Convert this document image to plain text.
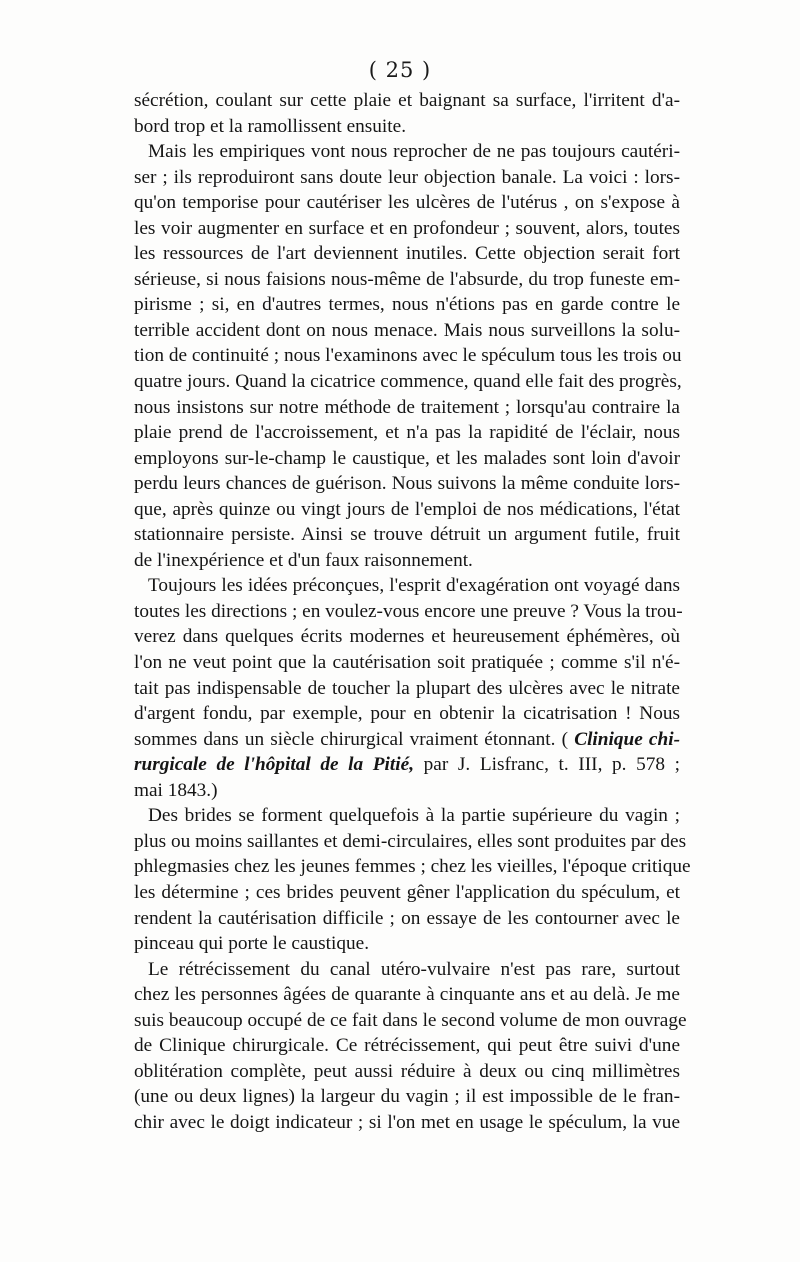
( 25 )
sécrétion, coulant sur cette plaie et baignant sa surface, l'irritent d'a-
bord trop et la ramollissent ensuite.
Mais les empiriques vont nous reprocher de ne pas toujours cautéri-
ser ; ils reproduiront sans doute leur objection banale. La voici : lors-
qu'on temporise pour cautériser les ulcères de l'utérus , on s'expose à
les voir augmenter en surface et en profondeur ; souvent, alors, toutes
les ressources de l'art deviennent inutiles. Cette objection serait fort
sérieuse, si nous faisions nous-même de l'absurde, du trop funeste em-
pirisme ; si, en d'autres termes, nous n'étions pas en garde contre le
terrible accident dont on nous menace. Mais nous surveillons la solu-
tion de continuité ; nous l'examinons avec le spéculum tous les trois ou
quatre jours. Quand la cicatrice commence, quand elle fait des progrès,
nous insistons sur notre méthode de traitement ; lorsqu'au contraire la
plaie prend de l'accroissement, et n'a pas la rapidité de l'éclair, nous
employons sur-le-champ le caustique, et les malades sont loin d'avoir
perdu leurs chances de guérison. Nous suivons la même conduite lors-
que, après quinze ou vingt jours de l'emploi de nos médications, l'état
stationnaire persiste. Ainsi se trouve détruit un argument futile, fruit
de l'inexpérience et d'un faux raisonnement.
Toujours les idées préconçues, l'esprit d'exagération ont voyagé dans
toutes les directions ; en voulez-vous encore une preuve ? Vous la trou-
verez dans quelques écrits modernes et heureusement éphémères, où
l'on ne veut point que la cautérisation soit pratiquée ; comme s'il n'é-
tait pas indispensable de toucher la plupart des ulcères avec le nitrate
d'argent fondu, par exemple, pour en obtenir la cicatrisation ! Nous
sommes dans un siècle chirurgical vraiment étonnant. ( Clinique chi-
rurgicale de l'hôpital de la Pitié, par J. Lisfranc, t. III, p. 578 ;
mai 1843.)
Des brides se forment quelquefois à la partie supérieure du vagin ;
plus ou moins saillantes et demi-circulaires, elles sont produites par des
phlegmasies chez les jeunes femmes ; chez les vieilles, l'époque critique
les détermine ; ces brides peuvent gêner l'application du spéculum, et
rendent la cautérisation difficile ; on essaye de les contourner avec le
pinceau qui porte le caustique.
Le rétrécissement du canal utéro-vulvaire n'est pas rare, surtout
chez les personnes âgées de quarante à cinquante ans et au delà. Je me
suis beaucoup occupé de ce fait dans le second volume de mon ouvrage
de Clinique chirurgicale. Ce rétrécissement, qui peut être suivi d'une
oblitération complète, peut aussi réduire à deux ou cinq millimètres
(une ou deux lignes) la largeur du vagin ; il est impossible de le fran-
chir avec le doigt indicateur ; si l'on met en usage le spéculum, la vue
